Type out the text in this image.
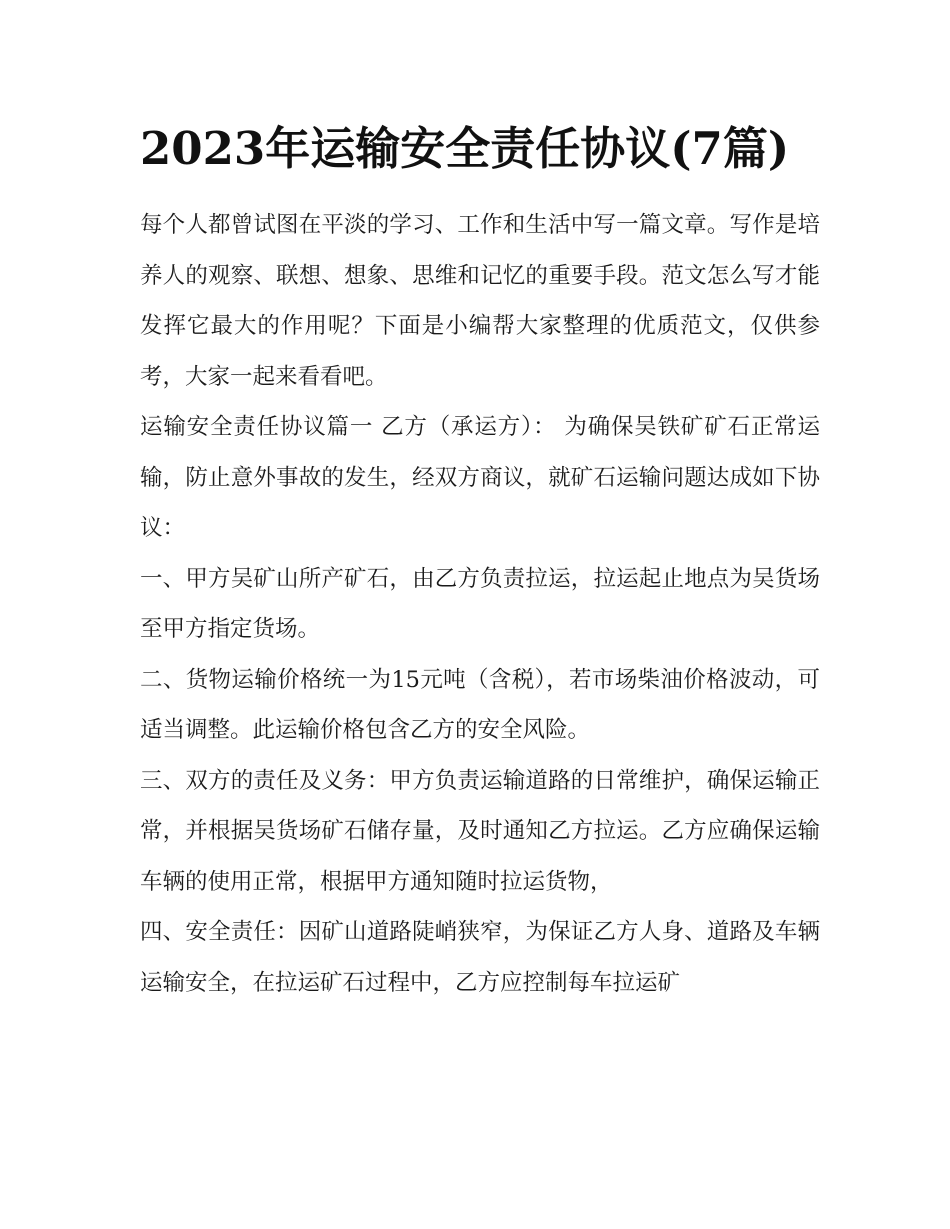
2023年运输安全责任协议(7篇)

每个人都曾试图在平淡的学习、工作和生活中写一篇文章。写作是培养人的观察、联想、想象、思维和记忆的重要手段。范文怎么写才能发挥它最大的作用呢？下面是小编帮大家整理的优质范文，仅供参考，大家一起来看看吧。

运输安全责任协议篇一 乙方（承运方）： 为确保吴铁矿矿石正常运输，防止意外事故的发生，经双方商议，就矿石运输问题达成如下协议：

一、甲方吴矿山所产矿石，由乙方负责拉运，拉运起止地点为吴货场至甲方指定货场。

二、货物运输价格统一为15元吨（含税），若市场柴油价格波动，可适当调整。此运输价格包含乙方的安全风险。

三、双方的责任及义务：甲方负责运输道路的日常维护，确保运输正常，并根据吴货场矿石储存量，及时通知乙方拉运。乙方应确保运输车辆的使用正常，根据甲方通知随时拉运货物，

四、安全责任：因矿山道路陡峭狭窄，为保证乙方人身、道路及车辆运输安全，在拉运矿石过程中，乙方应控制每车拉运矿
